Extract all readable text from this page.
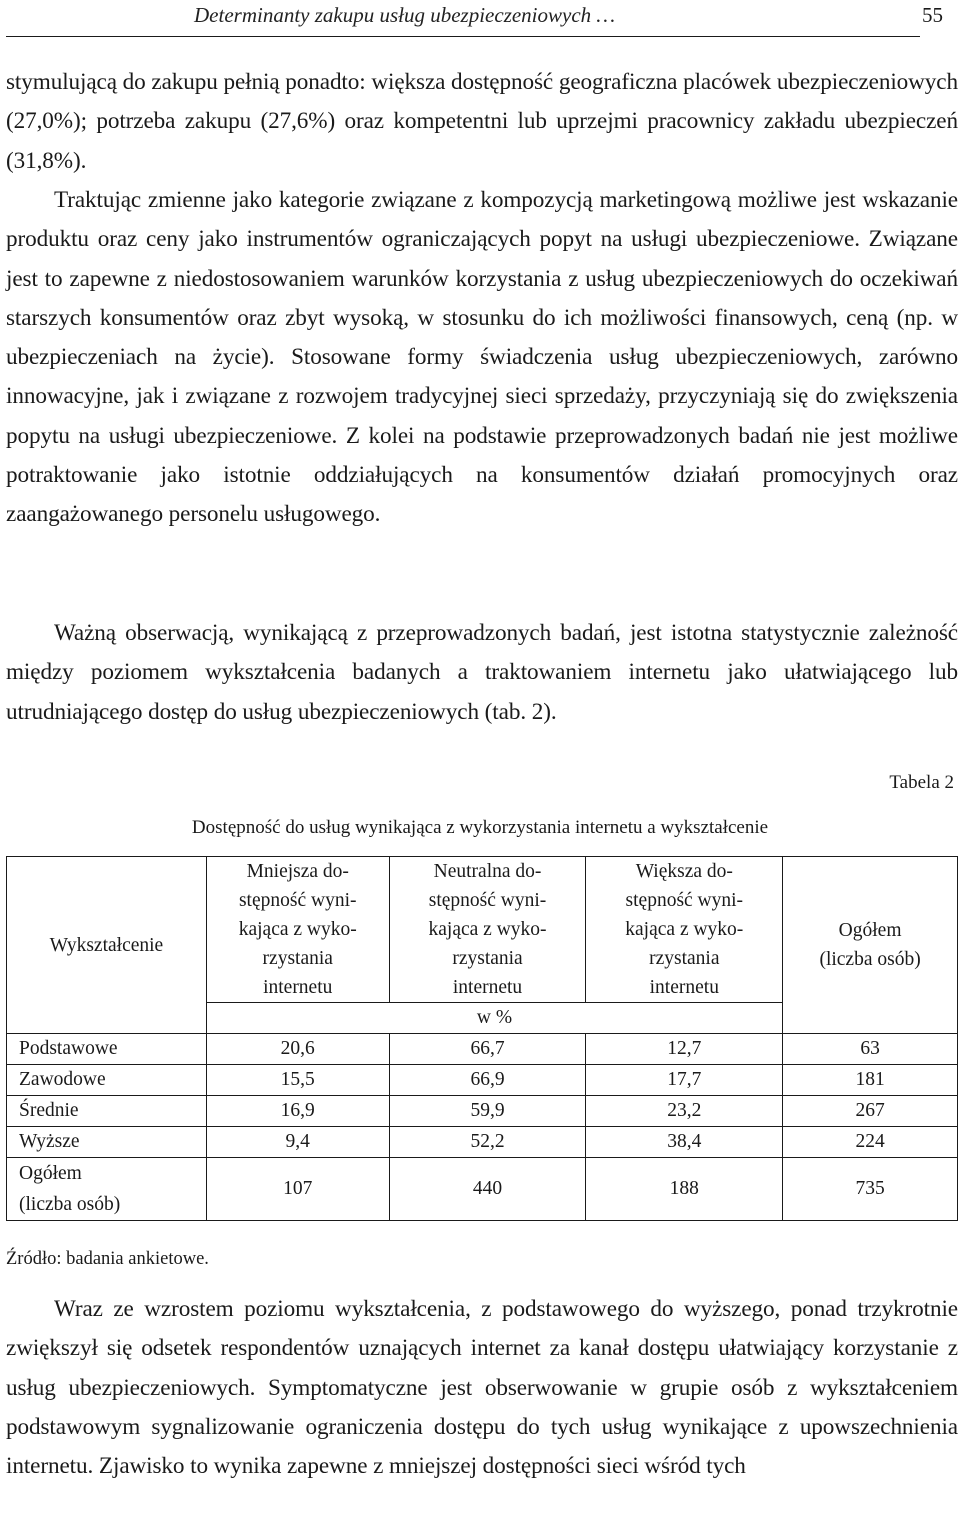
Determinanty zakupu usług ubezpieczeniowych …	55

stymulującą do zakupu pełnią ponadto: większa dostępność geograficzna placówek ubezpieczeniowych (27,0%); potrzeba zakupu (27,6%) oraz kompetentni lub uprzejmi pracownicy zakładu ubezpieczeń (31,8%).

Traktując zmienne jako kategorie związane z kompozycją marketingową możliwe jest wskazanie produktu oraz ceny jako instrumentów ograniczających popyt na usługi ubezpieczeniowe. Związane jest to zapewne z niedostosowaniem warunków korzystania z usług ubezpieczeniowych do oczekiwań starszych konsumentów oraz zbyt wysoką, w stosunku do ich możliwości finansowych, ceną (np. w ubezpieczeniach na życie). Stosowane formy świadczenia usług ubezpieczeniowych, zarówno innowacyjne, jak i związane z rozwojem tradycyjnej sieci sprzedaży, przyczyniają się do zwiększenia popytu na usługi ubezpieczeniowe. Z kolei na podstawie przeprowadzonych badań nie jest możliwe potraktowanie jako istotnie oddziałujących na konsumentów działań promocyjnych oraz zaangażowanego personelu usługowego.

Ważną obserwacją, wynikającą z przeprowadzonych badań, jest istotna statystycznie zależność między poziomem wykształcenia badanych a traktowaniem internetu jako ułatwiającego lub utrudniającego dostęp do usług ubezpieczeniowych (tab. 2).

Tabela 2
Dostępność do usług wynikająca z wykorzystania internetu a wykształcenie
Wykształcenie	Mniejsza do-
stępność wyni-
kająca z wyko-
rzystania
internetu	Neutralna do-
stępność wyni-
kająca z wyko-
rzystania
internetu	Większa do-
stępność wyni-
kająca z wyko-
rzystania
internetu	Ogółem
(liczba osób)

	w %			
Podstawowe	20,6	66,7	12,7	63
Zawodowe	15,5	66,9	17,7	181
Średnie	16,9	59,9	23,2	267
Wyższe	9,4	52,2	38,4	224

Ogółem
(liczba osób)	107	440	188	735
Źródło: badania ankietowe.

Wraz ze wzrostem poziomu wykształcenia, z podstawowego do wyższego, ponad trzykrotnie zwiększył się odsetek respondentów uznających internet za kanał dostępu ułatwiający korzystanie z usług ubezpieczeniowych. Symptomatyczne jest obserwowanie w grupie osób z wykształceniem podstawowym sygnalizowanie ograniczenia dostępu do tych usług wynikające z upowszechnienia internetu. Zjawisko to wynika zapewne z mniejszej dostępności sieci wśród tych
